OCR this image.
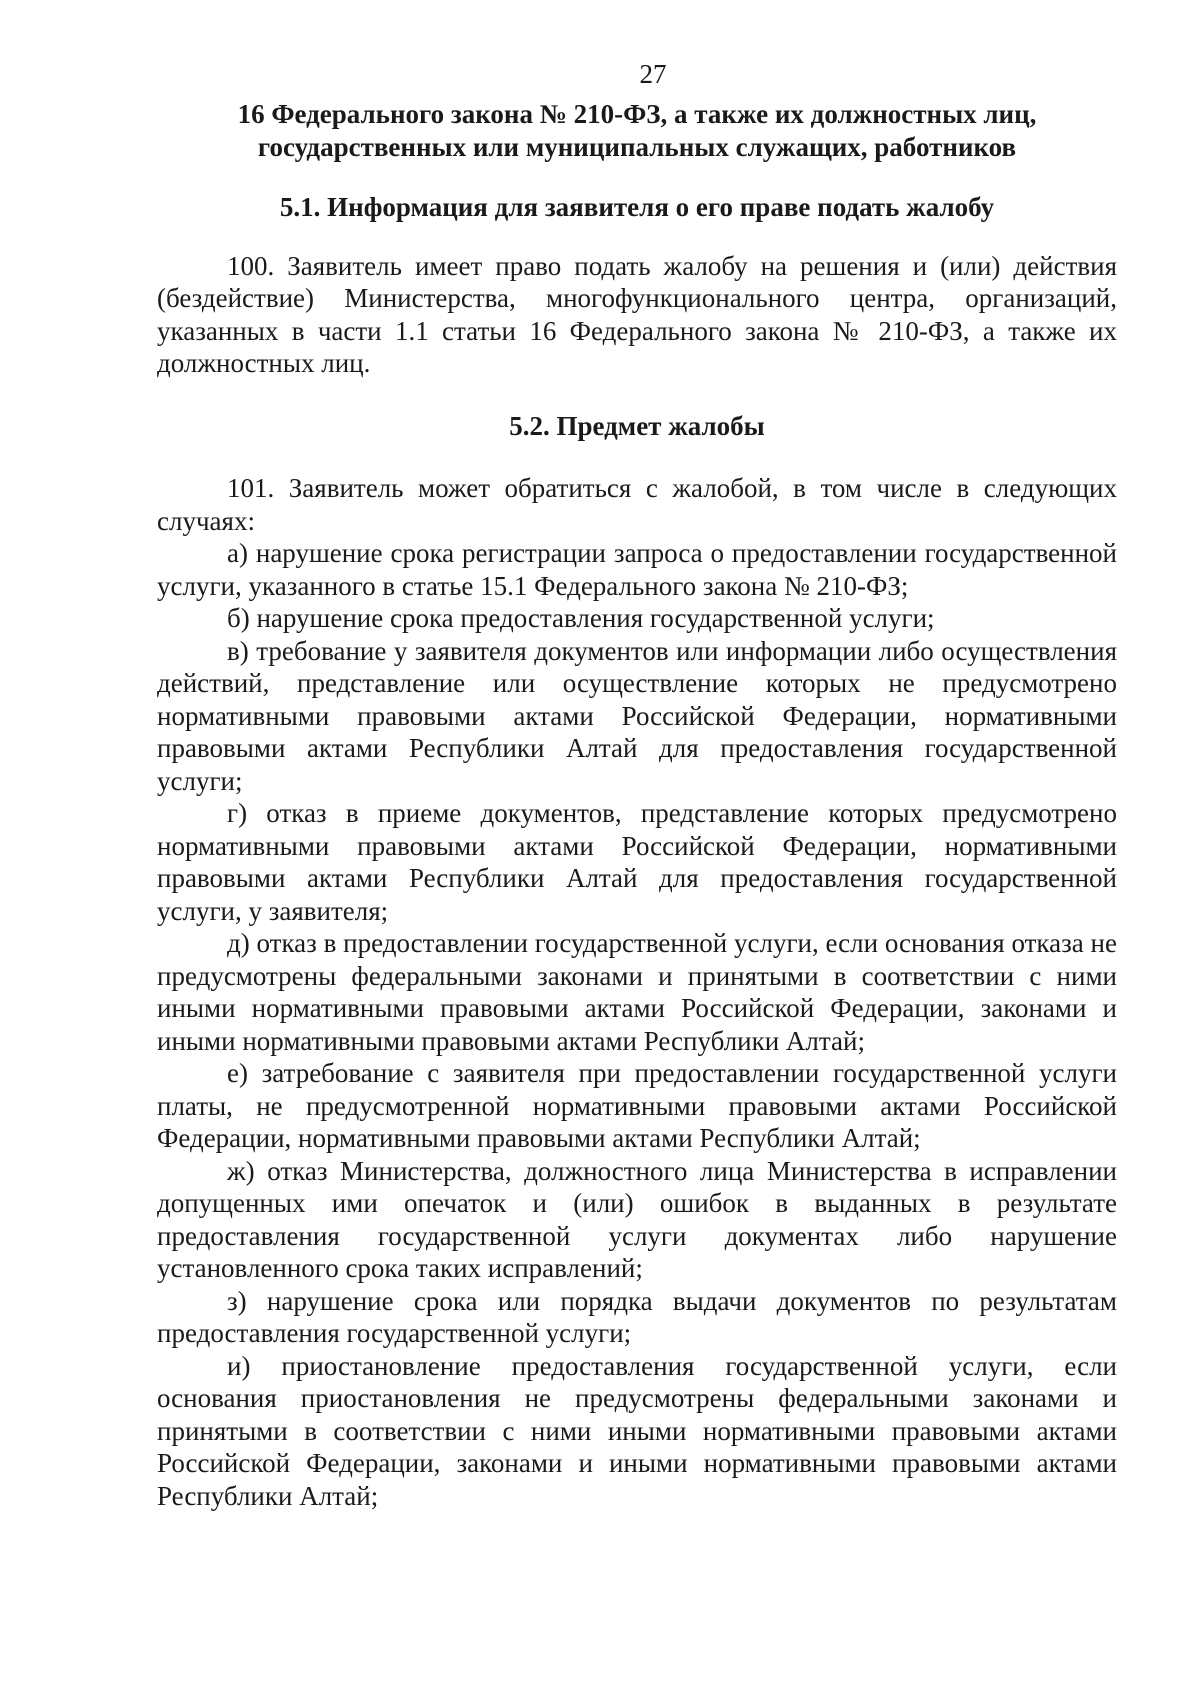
27
16 Федерального закона № 210-ФЗ, а также их должностных лиц,
государственных или муниципальных служащих, работников
5.1. Информация для заявителя о его праве подать жалобу

100. Заявитель имеет право подать жалобу на решения и (или) действия (бездействие) Министерства, многофункционального центра, организаций, указанных в части 1.1 статьи 16 Федерального закона № 210-ФЗ, а также их должностных лиц.

5.2. Предмет жалобы

101. Заявитель может обратиться с жалобой, в том числе в следующих случаях:

а) нарушение срока регистрации запроса о предоставлении государственной услуги, указанного в статье 15.1 Федерального закона № 210-ФЗ;

б) нарушение срока предоставления государственной услуги;

в) требование у заявителя документов или информации либо осуществления действий, представление или осуществление которых не предусмотрено нормативными правовыми актами Российской Федерации, нормативными правовыми актами Республики Алтай для предоставления государственной услуги;

г) отказ в приеме документов, представление которых предусмотрено нормативными правовыми актами Российской Федерации, нормативными правовыми актами Республики Алтай для предоставления государственной услуги, у заявителя;

д) отказ в предоставлении государственной услуги, если основания отказа не предусмотрены федеральными законами и принятыми в соответствии с ними иными нормативными правовыми актами Российской Федерации, законами и иными нормативными правовыми актами Республики Алтай;

е) затребование с заявителя при предоставлении государственной услуги платы, не предусмотренной нормативными правовыми актами Российской Федерации, нормативными правовыми актами Республики Алтай;

ж) отказ Министерства, должностного лица Министерства в исправлении допущенных ими опечаток и (или) ошибок в выданных в результате предоставления государственной услуги документах либо нарушение установленного срока таких исправлений;

з) нарушение срока или порядка выдачи документов по результатам предоставления государственной услуги;

и) приостановление предоставления государственной услуги, если основания приостановления не предусмотрены федеральными законами и принятыми в соответствии с ними иными нормативными правовыми актами Российской Федерации, законами и иными нормативными правовыми актами Республики Алтай;
